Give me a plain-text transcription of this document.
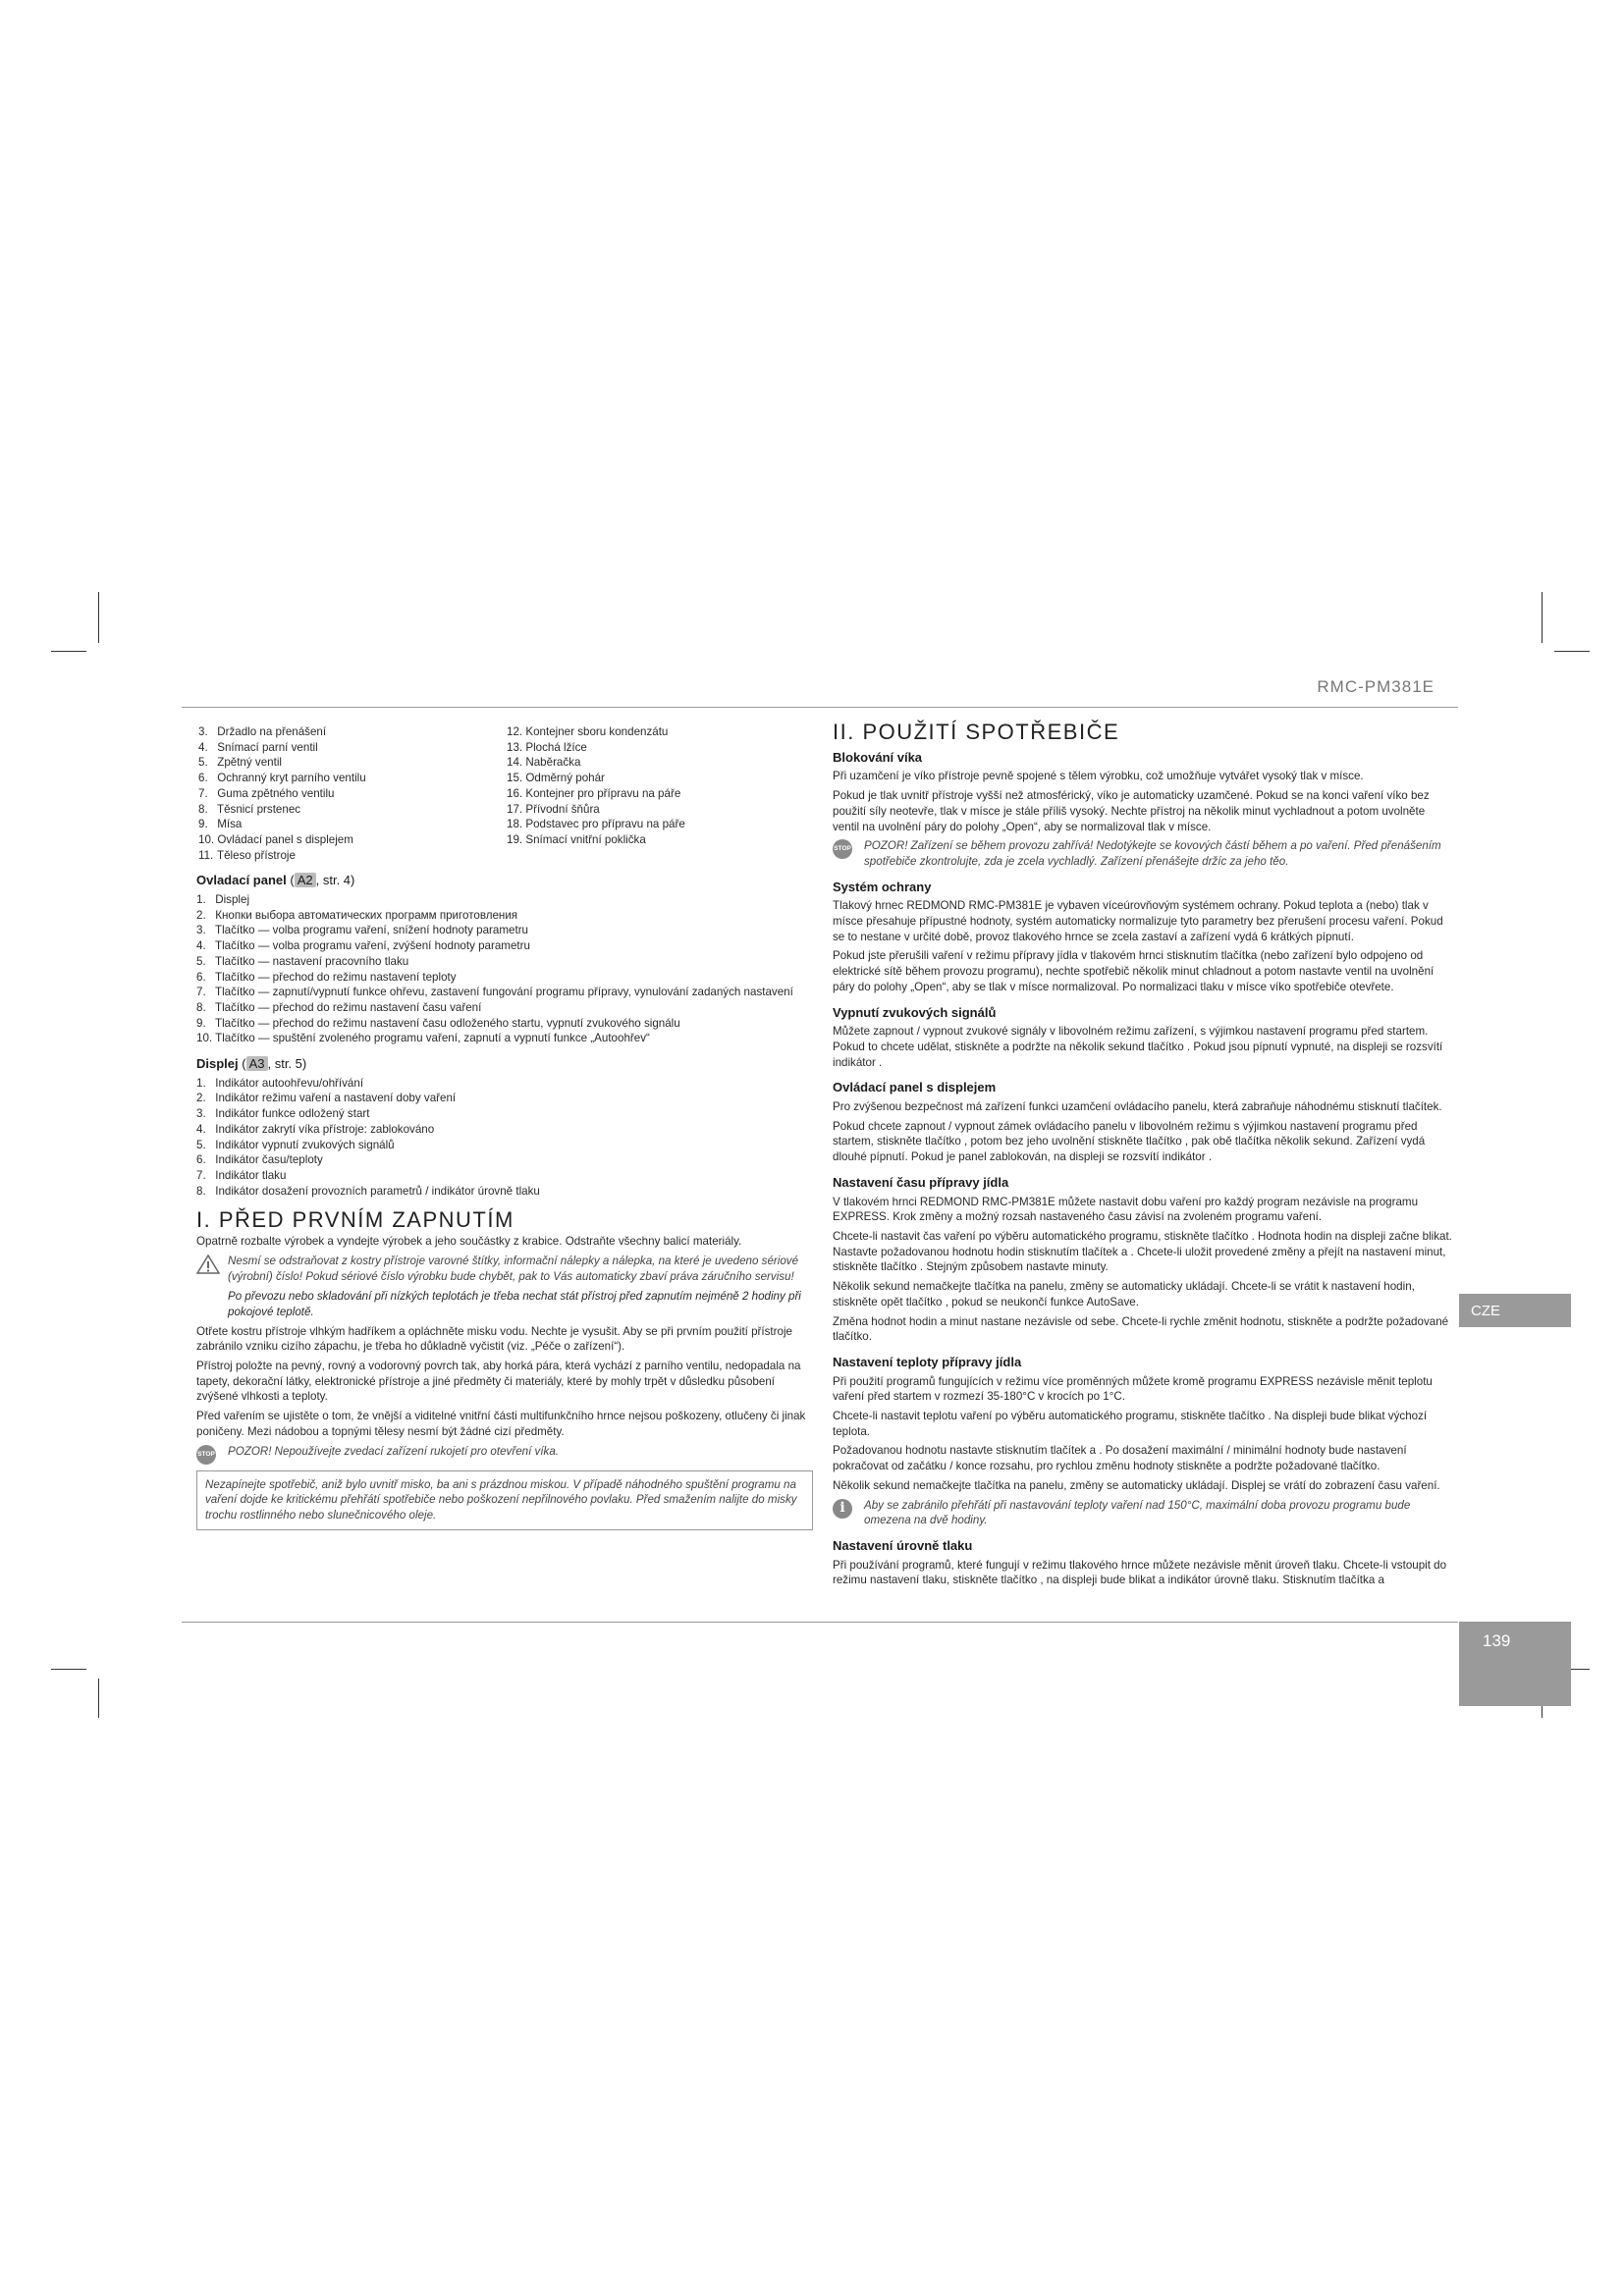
RMC-PM381E
CZE
139
3. Držadlo na přenášení
4. Snímací parní ventil
5. Zpětný ventil
6. Ochranný kryt parního ventilu
7. Guma zpětného ventilu
8. Těsnicí prstenec
9. Mísa
10. Ovládací panel s displejem
11. Těleso přístroje
12. Kontejner sboru kondenzátu
13. Plochá lžíce
14. Naběračka
15. Odměrný pohár
16. Kontejner pro přípravu na páře
17. Přívodní šňůra
18. Podstavec pro přípravu na páře
19. Snímací vnitřní poklička
Ovladací panel ( A2 , str. 4)
1. Displej
2. Кнопки выбора автоматических программ приготовления
3. Tlačítko — volba programu vaření, snížení hodnoty parametru
4. Tlačítko — volba programu vaření, zvýšení hodnoty parametru
5. Tlačítko — nastavení pracovního tlaku
6. Tlačítko — přechod do režimu nastavení teploty
7. Tlačítko — zapnutí/vypnutí funkce ohřevu, zastavení fungování programu přípravy, vynulování zadaných nastavení
8. Tlačítko — přechod do režimu nastavení času vaření
9. Tlačítko — přechod do režimu nastavení času odloženého startu, vypnutí zvukového signálu
10. Tlačítko — spuštění zvoleného programu vaření, zapnutí a vypnutí funkce „Autoohřev“
Displej ( A3 , str. 5)
1. Indikátor autoohřevu/ohřívání
2. Indikátor režimu vaření a nastavení doby vaření
3. Indikátor funkce odložený start
4. Indikátor zakrytí víka přístroje: zablokováno
5. Indikátor vypnutí zvukových signálů
6. Indikátor času/teploty
7. Indikátor tlaku
8. Indikátor dosažení provozních parametrů / indikátor úrovně tlaku
I. PŘED PRVNÍM ZAPNUTÍM

Opatrně rozbalte výrobek a vyndejte výrobek a jeho součástky z krabice. Odstraňte všechny balicí materiály.

Nesmí se odstraňovat z kostry přístroje varovné štítky, informační nálepky a nálepka, na které je uvedeno sériové (výrobní) číslo! Pokud sériové číslo výrobku bude chybět, pak to Vás automaticky zbaví práva záručního servisu!

Po převozu nebo skladování při nízkých teplotách je třeba nechat stát přístroj před zapnutím nejméně 2 hodiny při pokojové teplotě.

Otřete kostru přístroje vlhkým hadříkem a opláchněte misku vodu. Nechte je vysušit. Aby se při prvním použití přístroje zabránilo vzniku cizího zápachu, je třeba ho důkladně vyčistit (viz. „Péče o zařízení“).

Přístroj položte na pevný, rovný a vodorovný povrch tak, aby horká pára, která vychází z parního ventilu, nedopadala na tapety, dekorační látky, elektronické přístroje a jiné předměty či materiály, které by mohly trpět v důsledku působení zvýšené vlhkosti a teploty.

Před vařením se ujistěte o tom, že vnější a viditelné vnitřní části multifunkčního hrnce nejsou poškozeny, otlučeny či jinak poničeny. Mezi nádobou a topnými tělesy nesmí být žádné cizí předměty.

STOP POZOR! Nepoužívejte zvedací zařízení rukojetí pro otevření víka.
Nezapínejte spotřebič, aniž bylo uvnitř misko, ba ani s prázdnou miskou. V případě náhodného spuštění programu na vaření dojde ke kritickému přehřátí spotřebiče nebo poškození nepřilnového povlaku. Před smažením nalijte do misky trochu rostlinného nebo slunečnicového oleje.
II. POUŽITÍ SPOTŘEBIČE
Blokování víka

Při uzamčení je víko přístroje pevně spojené s tělem výrobku, což umožňuje vytvářet vysoký tlak v mísce.

Pokud je tlak uvnitř přístroje vyšší než atmosférický, víko je automaticky uzamčené. Pokud se na konci vaření víko bez použití síly neotevře, tlak v mísce je stále příliš vysoký. Nechte přístroj na několik minut vychladnout a potom uvolněte ventil na uvolnění páry do polohy „Open“, aby se normalizoval tlak v mísce.

STOP POZOR! Zařízení se během provozu zahřívá! Nedotýkejte se kovových částí během a po vaření. Před přenášením spotřebiče zkontrolujte, zda je zcela vychladlý. Zařízení přenášejte držíc za jeho těo.
Systém ochrany

Tlakový hrnec REDMOND RMC-PM381E je vybaven víceúrovňovým systémem ochrany. Pokud teplota a (nebo) tlak v mísce přesahuje přípustné hodnoty, systém automaticky normalizuje tyto parametry bez přerušení procesu vaření. Pokud se to nestane v určité době, provoz tlakového hrnce se zcela zastaví a zařízení vydá 6 krátkých pípnutí.

Pokud jste přerušili vaření v režimu přípravy jídla v tlakovém hrnci stisknutím tlačítka (nebo zařízení bylo odpojeno od elektrické sítě během provozu programu), nechte spotřebič několik minut chladnout a potom nastavte ventil na uvolnění páry do polohy „Open“, aby se tlak v mísce normalizoval. Po normalizaci tlaku v mísce víko spotřebiče otevřete.

Vypnutí zvukových signálů

Můžete zapnout / vypnout zvukové signály v libovolném režimu zařízení, s výjimkou nastavení programu před startem. Pokud to chcete udělat, stiskněte a podržte na několik sekund tlačítko . Pokud jsou pípnutí vypnuté, na displeji se rozsvítí indikátor .

Ovládací panel s displejem

Pro zvýšenou bezpečnost má zařízení funkci uzamčení ovládacího panelu, která zabraňuje náhodnému stisknutí tlačítek.

Pokud chcete zapnout / vypnout zámek ovládacího panelu v libovolném režimu s výjimkou nastavení programu před startem, stiskněte tlačítko , potom bez jeho uvolnění stiskněte tlačítko , pak obě tlačítka několik sekund. Zařízení vydá dlouhé pípnutí. Pokud je panel zablokován, na displeji se rozsvítí indikátor .

Nastavení času přípravy jídla

V tlakovém hrnci REDMOND RMC-PM381E můžete nastavit dobu vaření pro každý program nezávisle na programu EXPRESS. Krok změny a možný rozsah nastaveného času závisí na zvoleném programu vaření.

Chcete-li nastavit čas vaření po výběru automatického programu, stiskněte tlačítko . Hodnota hodin na displeji začne blikat. Nastavte požadovanou hodnotu hodin stisknutím tlačítek a . Chcete-li uložit provedené změny a přejít na nastavení minut, stiskněte tlačítko . Stejným způsobem nastavte minuty.

Několik sekund nemačkejte tlačítka na panelu, změny se automaticky ukládají. Chcete-li se vrátit k nastavení hodin, stiskněte opět tlačítko , pokud se neukončí funkce AutoSave.

Změna hodnot hodin a minut nastane nezávisle od sebe. Chcete-li rychle změnit hodnotu, stiskněte a podržte požadované tlačítko.

Nastavení teploty přípravy jídla

Při použití programů fungujících v režimu více proměnných můžete kromě programu EXPRESS nezávisle měnit teplotu vaření před startem v rozmezí 35-180°C v krocích po 1°C.

Chcete-li nastavit teplotu vaření po výběru automatického programu, stiskněte tlačítko . Na displeji bude blikat výchozí teplota.

Požadovanou hodnotu nastavte stisknutím tlačítek a . Po dosažení maximální / minimální hodnoty bude nastavení pokračovat od začátku / konce rozsahu, pro rychlou změnu hodnoty stiskněte a podržte požadované tlačítko.

Několik sekund nemačkejte tlačítka na panelu, změny se automaticky ukládají. Displej se vrátí do zobrazení času vaření.

i	Aby se zabránilo přehřátí při nastavování teploty vaření nad 150°C, maximální doba provozu programu bude omezena na dvě hodiny.
Nastavení úrovně tlaku

Při používání programů, které fungují v režimu tlakového hrnce můžete nezávisle měnit úroveň tlaku. Chcete-li vstoupit do režimu nastavení tlaku, stiskněte tlačítko , na displeji bude blikat a indikátor úrovně tlaku. Stisknutím tlačítka a
